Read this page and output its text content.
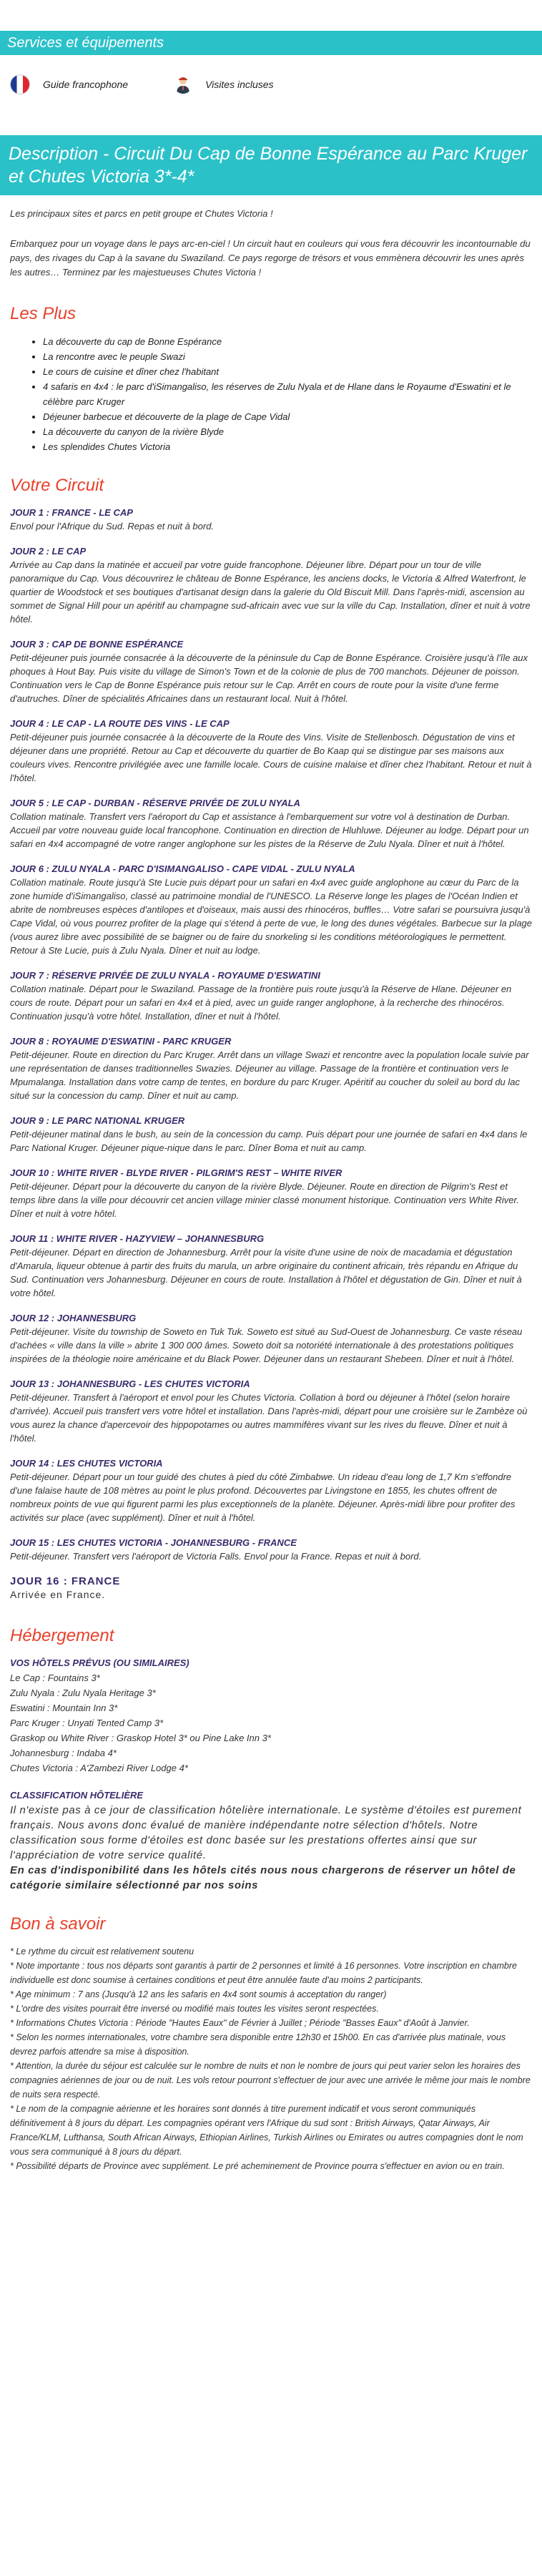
Services et équipements
Guide francophone	Visites incluses
Description - Circuit Du Cap de Bonne Espérance au Parc Kruger et Chutes Victoria 3*-4*

Les principaux sites et parcs en petit groupe et Chutes Victoria !

Embarquez pour un voyage dans le pays arc-en-ciel ! Un circuit haut en couleurs qui vous fera découvrir les incontournable du pays, des rivages du Cap à la savane du Swaziland. Ce pays regorge de trésors et vous emmènera découvrir les unes après les autres… Terminez par les majestueuses Chutes Victoria !

Les Plus
• La découverte du cap de Bonne Espérance
• La rencontre avec le peuple Swazi
• Le cours de cuisine et dîner chez l'habitant
• 4 safaris en 4x4 : le parc d'iSimangaliso, les réserves de Zulu Nyala et de Hlane dans le Royaume d'Eswatini et le célèbre parc Kruger
• Déjeuner barbecue et découverte de la plage de Cape Vidal
• La découverte du canyon de la rivière Blyde
• Les splendides Chutes Victoria
Votre Circuit
JOUR 1 : FRANCE - LE CAP
Envol pour l'Afrique du Sud. Repas et nuit à bord.
JOUR 2 : LE CAP
Arrivée au Cap dans la matinée et accueil par votre guide francophone. Déjeuner libre. Départ pour un tour de ville panoramique du Cap. Vous découvrirez le château de Bonne Espérance, les anciens docks, le Victoria & Alfred Waterfront, le quartier de Woodstock et ses boutiques d'artisanat design dans la galerie du Old Biscuit Mill. Dans l'après-midi, ascension au sommet de Signal Hill pour un apéritif au champagne sud-africain avec vue sur la ville du Cap. Installation, dîner et nuit à votre hôtel.
JOUR 3 : CAP DE BONNE ESPÉRANCE
Petit-déjeuner puis journée consacrée à la découverte de la péninsule du Cap de Bonne Espérance. Croisière jusqu'à l'île aux phoques à Hout Bay. Puis visite du village de Simon's Town et de la colonie de plus de 700 manchots. Déjeuner de poisson. Continuation vers le Cap de Bonne Espérance puis retour sur le Cap. Arrêt en cours de route pour la visite d'une ferme d'autruches. Dîner de spécialités Africaines dans un restaurant local. Nuit à l'hôtel.
JOUR 4 : LE CAP - LA ROUTE DES VINS - LE CAP
Petit-déjeuner puis journée consacrée à la découverte de la Route des Vins. Visite de Stellenbosch. Dégustation de vins et déjeuner dans une propriété. Retour au Cap et découverte du quartier de Bo Kaap qui se distingue par ses maisons aux couleurs vives. Rencontre privilégiée avec une famille locale. Cours de cuisine malaise et dîner chez l'habitant. Retour et nuit à l'hôtel.
JOUR 5 : LE CAP - DURBAN - RÉSERVE PRIVÉE DE ZULU NYALA
Collation matinale. Transfert vers l'aéroport du Cap et assistance à l'embarquement sur votre vol à destination de Durban. Accueil par votre nouveau guide local francophone. Continuation en direction de Hluhluwe. Déjeuner au lodge. Départ pour un safari en 4x4 accompagné de votre ranger anglophone sur les pistes de la Réserve de Zulu Nyala. Dîner et nuit à l'hôtel.
JOUR 6 : ZULU NYALA - PARC D'ISIMANGALISO - CAPE VIDAL - ZULU NYALA
Collation matinale. Route jusqu'à Ste Lucie puis départ pour un safari en 4x4 avec guide anglophone au cœur du Parc de la zone humide d'iSimangaliso, classé au patrimoine mondial de l'UNESCO. La Réserve longe les plages de l'Océan Indien et abrite de nombreuses espèces d'antilopes et d'oiseaux, mais aussi des rhinocéros, buffles… Votre safari se poursuivra jusqu'à Cape Vidal, où vous pourrez profiter de la plage qui s'étend à perte de vue, le long des dunes végétales. Barbecue sur la plage (vous aurez libre avec possibilité de se baigner ou de faire du snorkeling si les conditions météorologiques le permettent. Retour à Ste Lucie, puis à Zulu Nyala. Dîner et nuit au lodge.
JOUR 7 : RÉSERVE PRIVÉE DE ZULU NYALA - ROYAUME D'ESWATINI
Collation matinale. Départ pour le Swaziland. Passage de la frontière puis route jusqu'à la Réserve de Hlane. Déjeuner en cours de route. Départ pour un safari en 4x4 et à pied, avec un guide ranger anglophone, à la recherche des rhinocéros. Continuation jusqu'à votre hôtel. Installation, dîner et nuit à l'hôtel.
JOUR 8 : ROYAUME D'ESWATINI - PARC KRUGER
Petit-déjeuner. Route en direction du Parc Kruger. Arrêt dans un village Swazi et rencontre avec la population locale suivie par une représentation de danses traditionnelles Swazies. Déjeuner au village. Passage de la frontière et continuation vers le Mpumalanga. Installation dans votre camp de tentes, en bordure du parc Kruger. Apéritif au coucher du soleil au bord du lac situé sur la concession du camp. Dîner et nuit au camp.
JOUR 9 : LE PARC NATIONAL KRUGER
Petit-déjeuner matinal dans le bush, au sein de la concession du camp. Puis départ pour une journée de safari en 4x4 dans le Parc National Kruger. Déjeuner pique-nique dans le parc. Dîner Boma et nuit au camp.
JOUR 10 : WHITE RIVER - BLYDE RIVER - PILGRIM'S REST – WHITE RIVER
Petit-déjeuner. Départ pour la découverte du canyon de la rivière Blyde. Déjeuner. Route en direction de Pilgrim's Rest et temps libre dans la ville pour découvrir cet ancien village minier classé monument historique. Continuation vers White River. Dîner et nuit à votre hôtel.
JOUR 11 : WHITE RIVER - HAZYVIEW – JOHANNESBURG
Petit-déjeuner. Départ en direction de Johannesburg. Arrêt pour la visite d'une usine de noix de macadamia et dégustation d'Amarula, liqueur obtenue à partir des fruits du marula, un arbre originaire du continent africain, très répandu en Afrique du Sud. Continuation vers Johannesburg. Déjeuner en cours de route. Installation à l'hôtel et dégustation de Gin. Dîner et nuit à votre hôtel.
JOUR 12 : JOHANNESBURG
Petit-déjeuner. Visite du township de Soweto en Tuk Tuk. Soweto est situé au Sud-Ouest de Johannesburg. Ce vaste réseau d'achées « ville dans la ville » abrite 1 300 000 âmes. Soweto doit sa notoriété internationale à des protestations politiques inspirées de la théologie noire américaine et du Black Power. Déjeuner dans un restaurant Shebeen. Dîner et nuit à l'hôtel.
JOUR 13 : JOHANNESBURG - LES CHUTES VICTORIA
Petit-déjeuner. Transfert à l'aéroport et envol pour les Chutes Victoria. Collation à bord ou déjeuner à l'hôtel (selon horaire d'arrivée). Accueil puis transfert vers votre hôtel et installation. Dans l'après-midi, départ pour une croisière sur le Zambèze où vous aurez la chance d'apercevoir des hippopotames ou autres mammifères vivant sur les rives du fleuve. Dîner et nuit à l'hôtel.
JOUR 14 : LES CHUTES VICTORIA
Petit-déjeuner. Départ pour un tour guidé des chutes à pied du côté Zimbabwe. Un rideau d'eau long de 1,7 Km s'effondre d'une falaise haute de 108 mètres au point le plus profond. Découvertes par Livingstone en 1855, les chutes offrent de nombreux points de vue qui figurent parmi les plus exceptionnels de la planète. Déjeuner. Après-midi libre pour profiter des activités sur place (avec supplément). Dîner et nuit à l'hôtel.
JOUR 15 : LES CHUTES VICTORIA - JOHANNESBURG - FRANCE
Petit-déjeuner. Transfert vers l'aéroport de Victoria Falls. Envol pour la France. Repas et nuit à bord.
JOUR 16 : FRANCE
Arrivée en France.
Hébergement
VOS HÔTELS PRÉVUS (OU SIMILAIRES)
Le Cap : Fountains 3*
Zulu Nyala : Zulu Nyala Heritage 3*
Eswatini : Mountain Inn 3*
Parc Kruger : Unyati Tented Camp 3*
Graskop ou White River : Graskop Hotel 3* ou Pine Lake Inn 3*
Johannesburg : Indaba 4*
Chutes Victoria : A'Zambezi River Lodge 4*
CLASSIFICATION HÔTELIÈRE
Il n'existe pas à ce jour de classification hôtelière internationale. Le système d'étoiles est purement français. Nous avons donc évalué de manière indépendante notre sélection d'hôtels. Notre classification sous forme d'étoiles est donc basée sur les prestations offertes ainsi que sur l'appréciation de votre service qualité.
En cas d'indisponibilité dans les hôtels cités nous nous chargerons de réserver un hôtel de catégorie similaire sélectionné par nos soins
Bon à savoir
* Le rythme du circuit est relativement soutenu
* Note importante : tous nos départs sont garantis à partir de 2 personnes et limité à 16 personnes. Votre inscription en chambre individuelle est donc soumise à certaines conditions et peut être annulée faute d'au moins 2 participants.
* Age minimum : 7 ans (Jusqu'à 12 ans les safaris en 4x4 sont soumis à acceptation du ranger)
* L'ordre des visites pourrait être inversé ou modifié mais toutes les visites seront respectées.
* Informations Chutes Victoria : Période "Hautes Eaux" de Février à Juillet ; Période "Basses Eaux" d'Août à Janvier.
* Selon les normes internationales, votre chambre sera disponible entre 12h30 et 15h00. En cas d'arrivée plus matinale, vous devrez parfois attendre sa mise à disposition.
* Attention, la durée du séjour est calculée sur le nombre de nuits et non le nombre de jours qui peut varier selon les horaires des compagnies aériennes de jour ou de nuit. Les vols retour pourront s'effectuer de jour avec une arrivée le même jour mais le nombre de nuits sera respecté.
* Le nom de la compagnie aérienne et les horaires sont donnés à titre purement indicatif et vous seront communiqués définitivement à 8 jours du départ. Les compagnies opérant vers l'Afrique du sud sont : British Airways, Qatar Airways, Air France/KLM, Lufthansa, South African Airways, Ethiopian Airlines, Turkish Airlines ou Emirates ou autres compagnies dont le nom vous sera communiqué à 8 jours du départ.
* Possibilité départs de Province avec supplément. Le pré acheminement de Province pourra s'effectuer en avion ou en train.
